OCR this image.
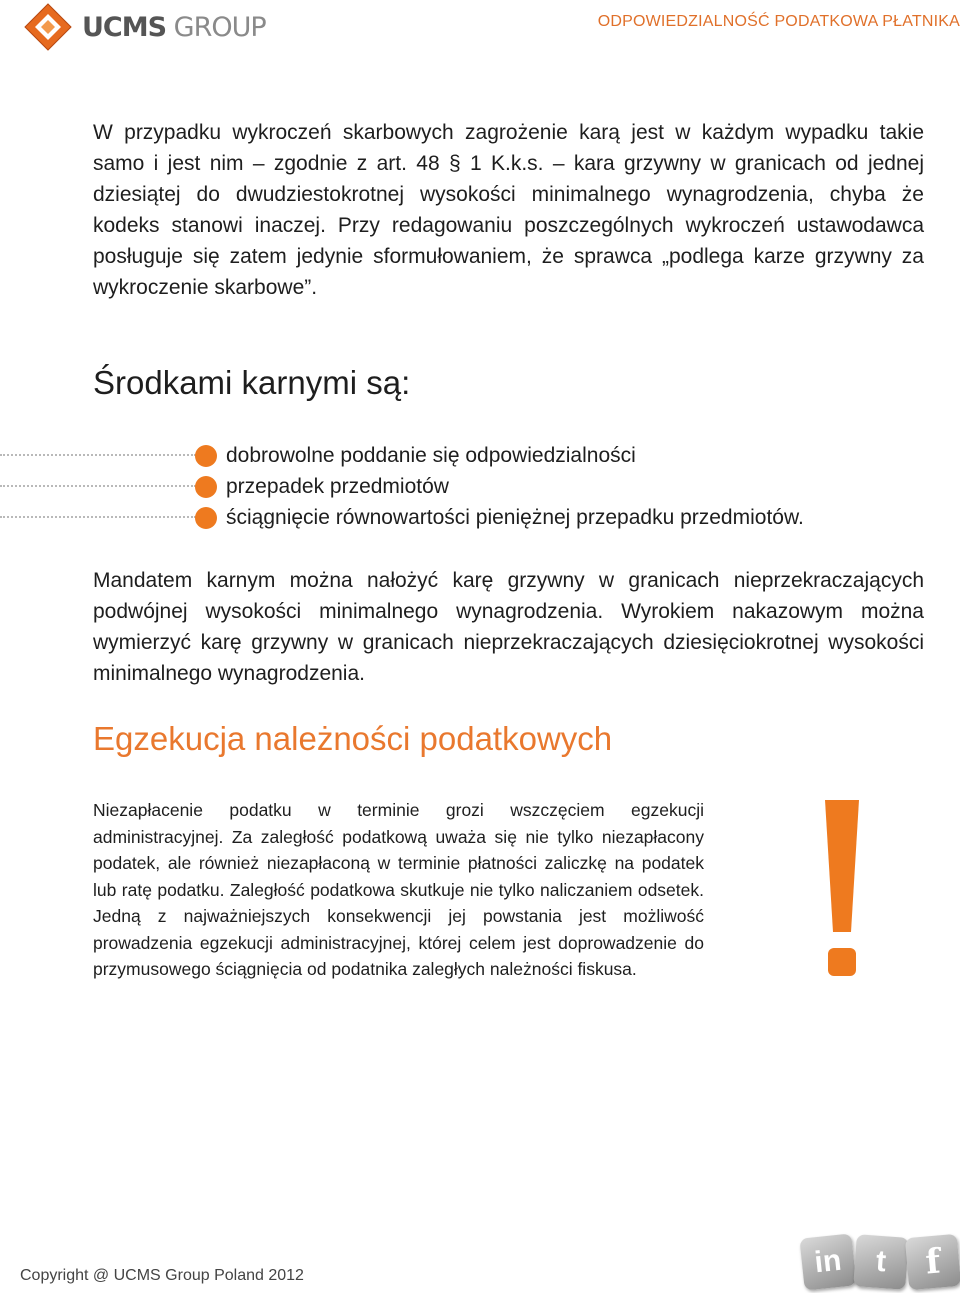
UCMS GROUP	ODPOWIEDZIALNOŚĆ PODATKOWA PŁATNIKA

W przypadku wykroczeń skarbowych zagrożenie karą jest w każdym wypadku takie samo i jest nim – zgodnie z art. 48 § 1 K.k.s. – kara grzywny w granicach od jednej dziesiątej do dwudziestokrotnej wysokości minimalnego wynagrodzenia, chyba że kodeks stanowi inaczej. Przy redagowaniu poszczególnych wykroczeń ustawodawca posługuje się zatem jedynie sformułowaniem, że sprawca „podlega karze grzywny za wykroczenie skarbowe”.

Środkami karnymi są:
dobrowolne poddanie się odpowiedzialności
przepadek przedmiotów
ściągnięcie równowartości pieniężnej przepadku przedmiotów.

Mandatem karnym można nałożyć karę grzywny w granicach nieprzekraczających podwójnej wysokości minimalnego wynagrodzenia. Wyrokiem nakazowym można wymierzyć karę grzywny w granicach nieprzekraczających dziesięciokrotnej wysokości minimalnego wynagrodzenia.

Egzekucja należności podatkowych

Niezapłacenie podatku w terminie grozi wszczęciem egzekucji administracyjnej. Za zaległość podatkową uważa się nie tylko niezapłacony podatek, ale również niezapłaconą w terminie płatności zaliczkę na podatek lub ratę podatku. Zaległość podatkowa skutkuje nie tylko naliczaniem odsetek. Jedną z najważniejszych konsekwencji jej powstania jest możliwość prowadzenia egzekucji administracyjnej, której celem jest doprowadzenie do przymusowego ściągnięcia od podatnika zaległych należności fiskusa.

Copyright @ UCMS Group Poland 2012	in t f
